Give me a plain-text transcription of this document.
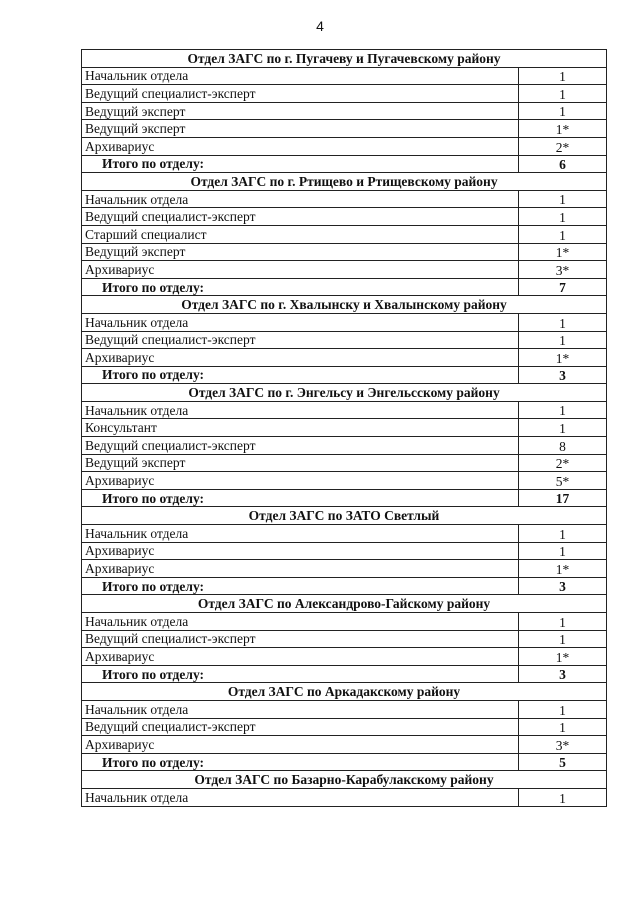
4
Отдел ЗАГС по г. Пугачеву и Пугачевскому району	
Начальник отдела	1
Ведущий специалист-эксперт	1
Ведущий эксперт	1
Ведущий эксперт	1*
Архивариус	2*
Итого по отделу:	6
Отдел ЗАГС по г. Ртищево и Ртищевскому району	
Начальник отдела	1
Ведущий специалист-эксперт	1
Старший специалист	1
Ведущий эксперт	1*
Архивариус	3*
Итого по отделу:	7
Отдел ЗАГС по г. Хвалынску и Хвалынскому району	
Начальник отдела	1
Ведущий специалист-эксперт	1
Архивариус	1*
Итого по отделу:	3
Отдел ЗАГС по г. Энгельсу и Энгельсскому району	
Начальник отдела	1
Консультант	1
Ведущий специалист-эксперт	8
Ведущий эксперт	2*
Архивариус	5*
Итого по отделу:	17
Отдел ЗАГС по ЗАТО Светлый	
Начальник отдела	1
Архивариус	1
Архивариус	1*
Итого по отделу:	3
Отдел ЗАГС по Александрово-Гайскому району	
Начальник отдела	1
Ведущий специалист-эксперт	1
Архивариус	1*
Итого по отделу:	3
Отдел ЗАГС по Аркадакскому району	
Начальник отдела	1
Ведущий специалист-эксперт	1
Архивариус	3*
Итого по отделу:	5
Отдел ЗАГС по Базарно-Карабулакскому району	
Начальник отдела	1
